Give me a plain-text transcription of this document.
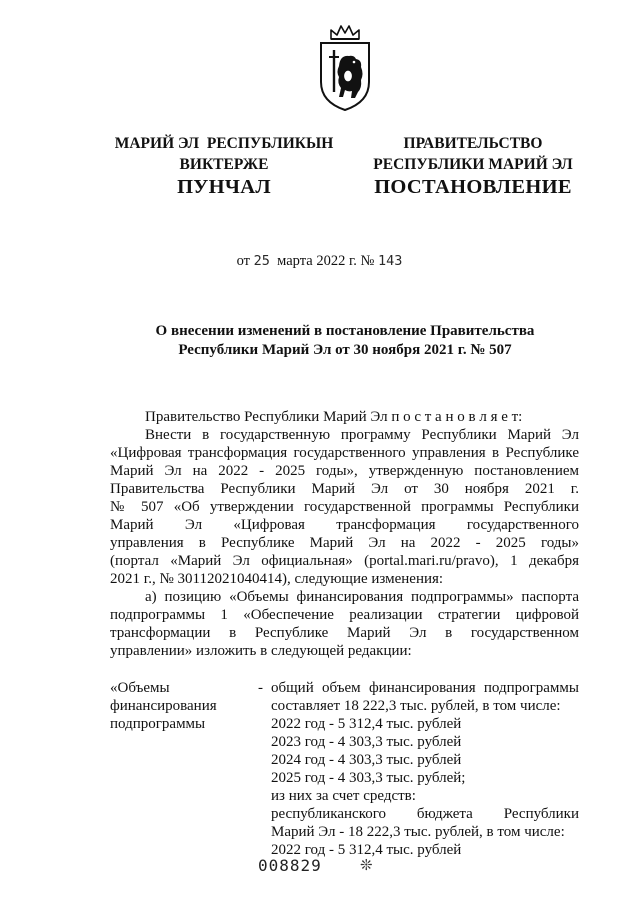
МАРИЙ ЭЛ  РЕСПУБЛИКЫН
ВИКТЕРЖЕ
ПРАВИТЕЛЬСТВО
РЕСПУБЛИКИ МАРИЙ ЭЛ
ПУНЧАЛ	ПОСТАНОВЛЕНИЕ
от 25 марта 2022 г. № 143
О внесении изменений в постановление Правительства
Республики Марий Эл от 30 ноября 2021 г. № 507
Правительство Республики Марий Эл п о с т а н о в л я е т:
Внести в государственную программу Республики Марий Эл
«Цифровая трансформация государственного управления в Республике
Марий Эл на 2022 - 2025 годы», утвержденную постановлением
Правительства Республики Марий Эл от 30 ноября 2021 г.
№ 507 «Об утверждении государственной программы Республики
Марий Эл «Цифровая трансформация государственного
управления в Республике Марий Эл на 2022 - 2025 годы»
(портал «Марий Эл официальная» (portal.mari.ru/pravo), 1 декабря
2021 г., № 30112021040414), следующие изменения:
а) позицию «Объемы финансирования подпрограммы» паспорта
подпрограммы 1 «Обеспечение реализации стратегии цифровой
трансформации в Республике Марий Эл в государственном
управлении» изложить в следующей редакции:
«Объемы
финансирования
подпрограммы
- общий объем финансирования подпрограммы
составляет 18 222,3 тыс. рублей, в том числе:
2022 год - 5 312,4 тыс. рублей
2023 год - 4 303,3 тыс. рублей
2024 год - 4 303,3 тыс. рублей
2025 год - 4 303,3 тыс. рублей;
из них за счет средств:
республиканского бюджета Республики
Марий Эл - 18 222,3 тыс. рублей, в том числе:
2022 год - 5 312,4 тыс. рублей
008829	❊
